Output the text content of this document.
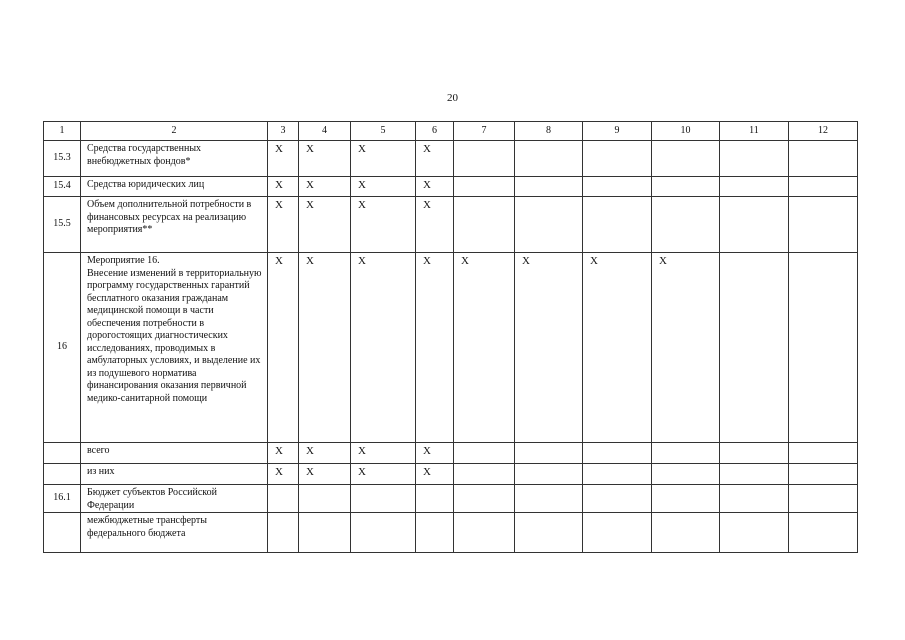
20
1	2	3	4	5	6	7	8	9	10	11	12
15.3	Средства государственных внебюджетных фондов*	X	X	X	X						
15.4	Средства юридических лиц	X	X	X	X						
15.5	Объем дополнительной потребности в финансовых ресурсах на реализацию мероприятия**	X	X	X	X						
16	Мероприятие 16.
Внесение изменений в территориальную программу государственных гарантий бесплатного оказания гражданам медицинской помощи в части обеспечения потребности в дорогостоящих диагностических исследованиях, проводимых в амбулаторных условиях, и выделение их из подушевого норматива финансирования оказания первичной медико-санитарной помощи	X	X	X	X	X	X	X	X		
	всего	X	X	X	X						
	из них	X	X	X	X						
16.1	Бюджет субъектов Российской Федерации										
	межбюджетные трансферты федерального бюджета										
